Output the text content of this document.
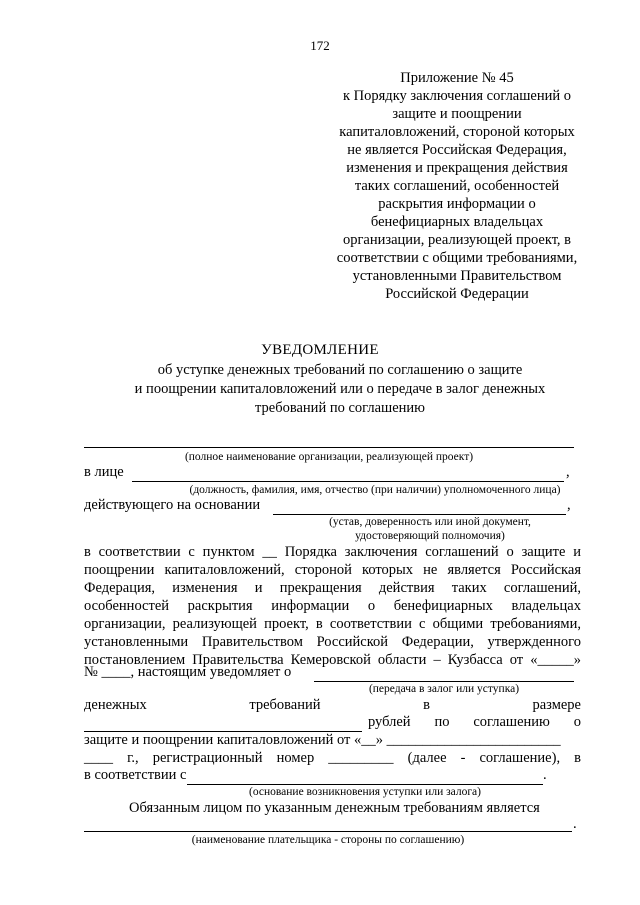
172
Приложение № 45
к Порядку заключения соглашений о
защите и поощрении
капиталовложений, стороной которых
не является Российская Федерация,
изменения и прекращения действия
таких соглашений, особенностей
раскрытия информации о
бенефициарных владельцах
организации, реализующей проект, в
соответствии с общими требованиями,
установленными Правительством
Российской Федерации
УВЕДОМЛЕНИЕ
об уступке денежных требований по соглашению о защите
и поощрении капиталовложений или о передаче в залог денежных
требований по соглашению
(полное наименование организации, реализующей проект)
в лице	,
(должность, фамилия, имя, отчество (при наличии) уполномоченного лица)
действующего на основании	,
(устав, доверенность или иной документ,
удостоверяющий полномочия)
в соответствии с пунктом __ Порядка заключения соглашений о защите и
поощрении капиталовложений, стороной которых не является Российская
Федерация, изменения и прекращения действия таких соглашений,
особенностей раскрытия информации о бенефициарных владельцах
организации, реализующей проект, в соответствии с общими требованиями,
установленными Правительством Российской Федерации, утвержденного
постановлением Правительства Кемеровской области – Кузбасса от «_____»
№ ____, настоящим уведомляет о
(передача в залог или уступка)
денежных	требований	в	размере
рублей по соглашению о
защите и поощрении капиталовложений от «__» ________________________
____ г., регистрационный номер _________ (далее - соглашение), в
в соответствии с	.
(основание возникновения уступки или залога)
Обязанным лицом по указанным денежным требованиям является
.
(наименование плательщика - стороны по соглашению)
